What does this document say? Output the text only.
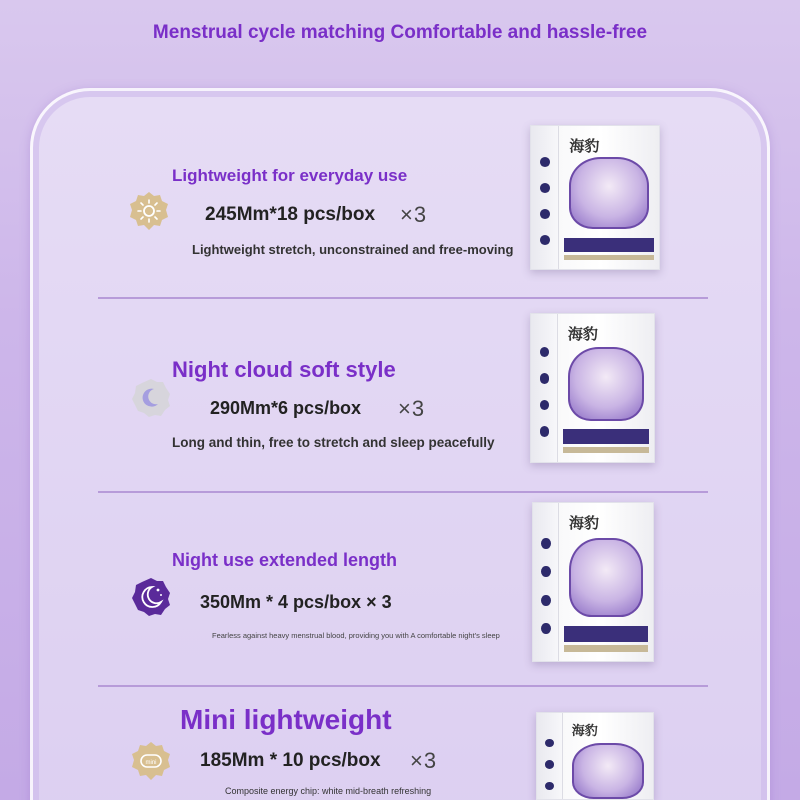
Menstrual cycle matching Comfortable and hassle-free
Lightweight for everyday use
245Mm*18 pcs/box ×3
Lightweight stretch, unconstrained and free-moving
海豹
Night cloud soft style
290Mm*6 pcs/box ×3
Long and thin, free to stretch and sleep peacefully
海豹
Night use extended length
350Mm * 4 pcs/box × 3
Fearless against heavy menstrual blood, providing you with A comfortable night's sleep
海豹
mini
Mini lightweight
185Mm * 10 pcs/box ×3
Composite energy chip: white mid-breath refreshing
海豹
